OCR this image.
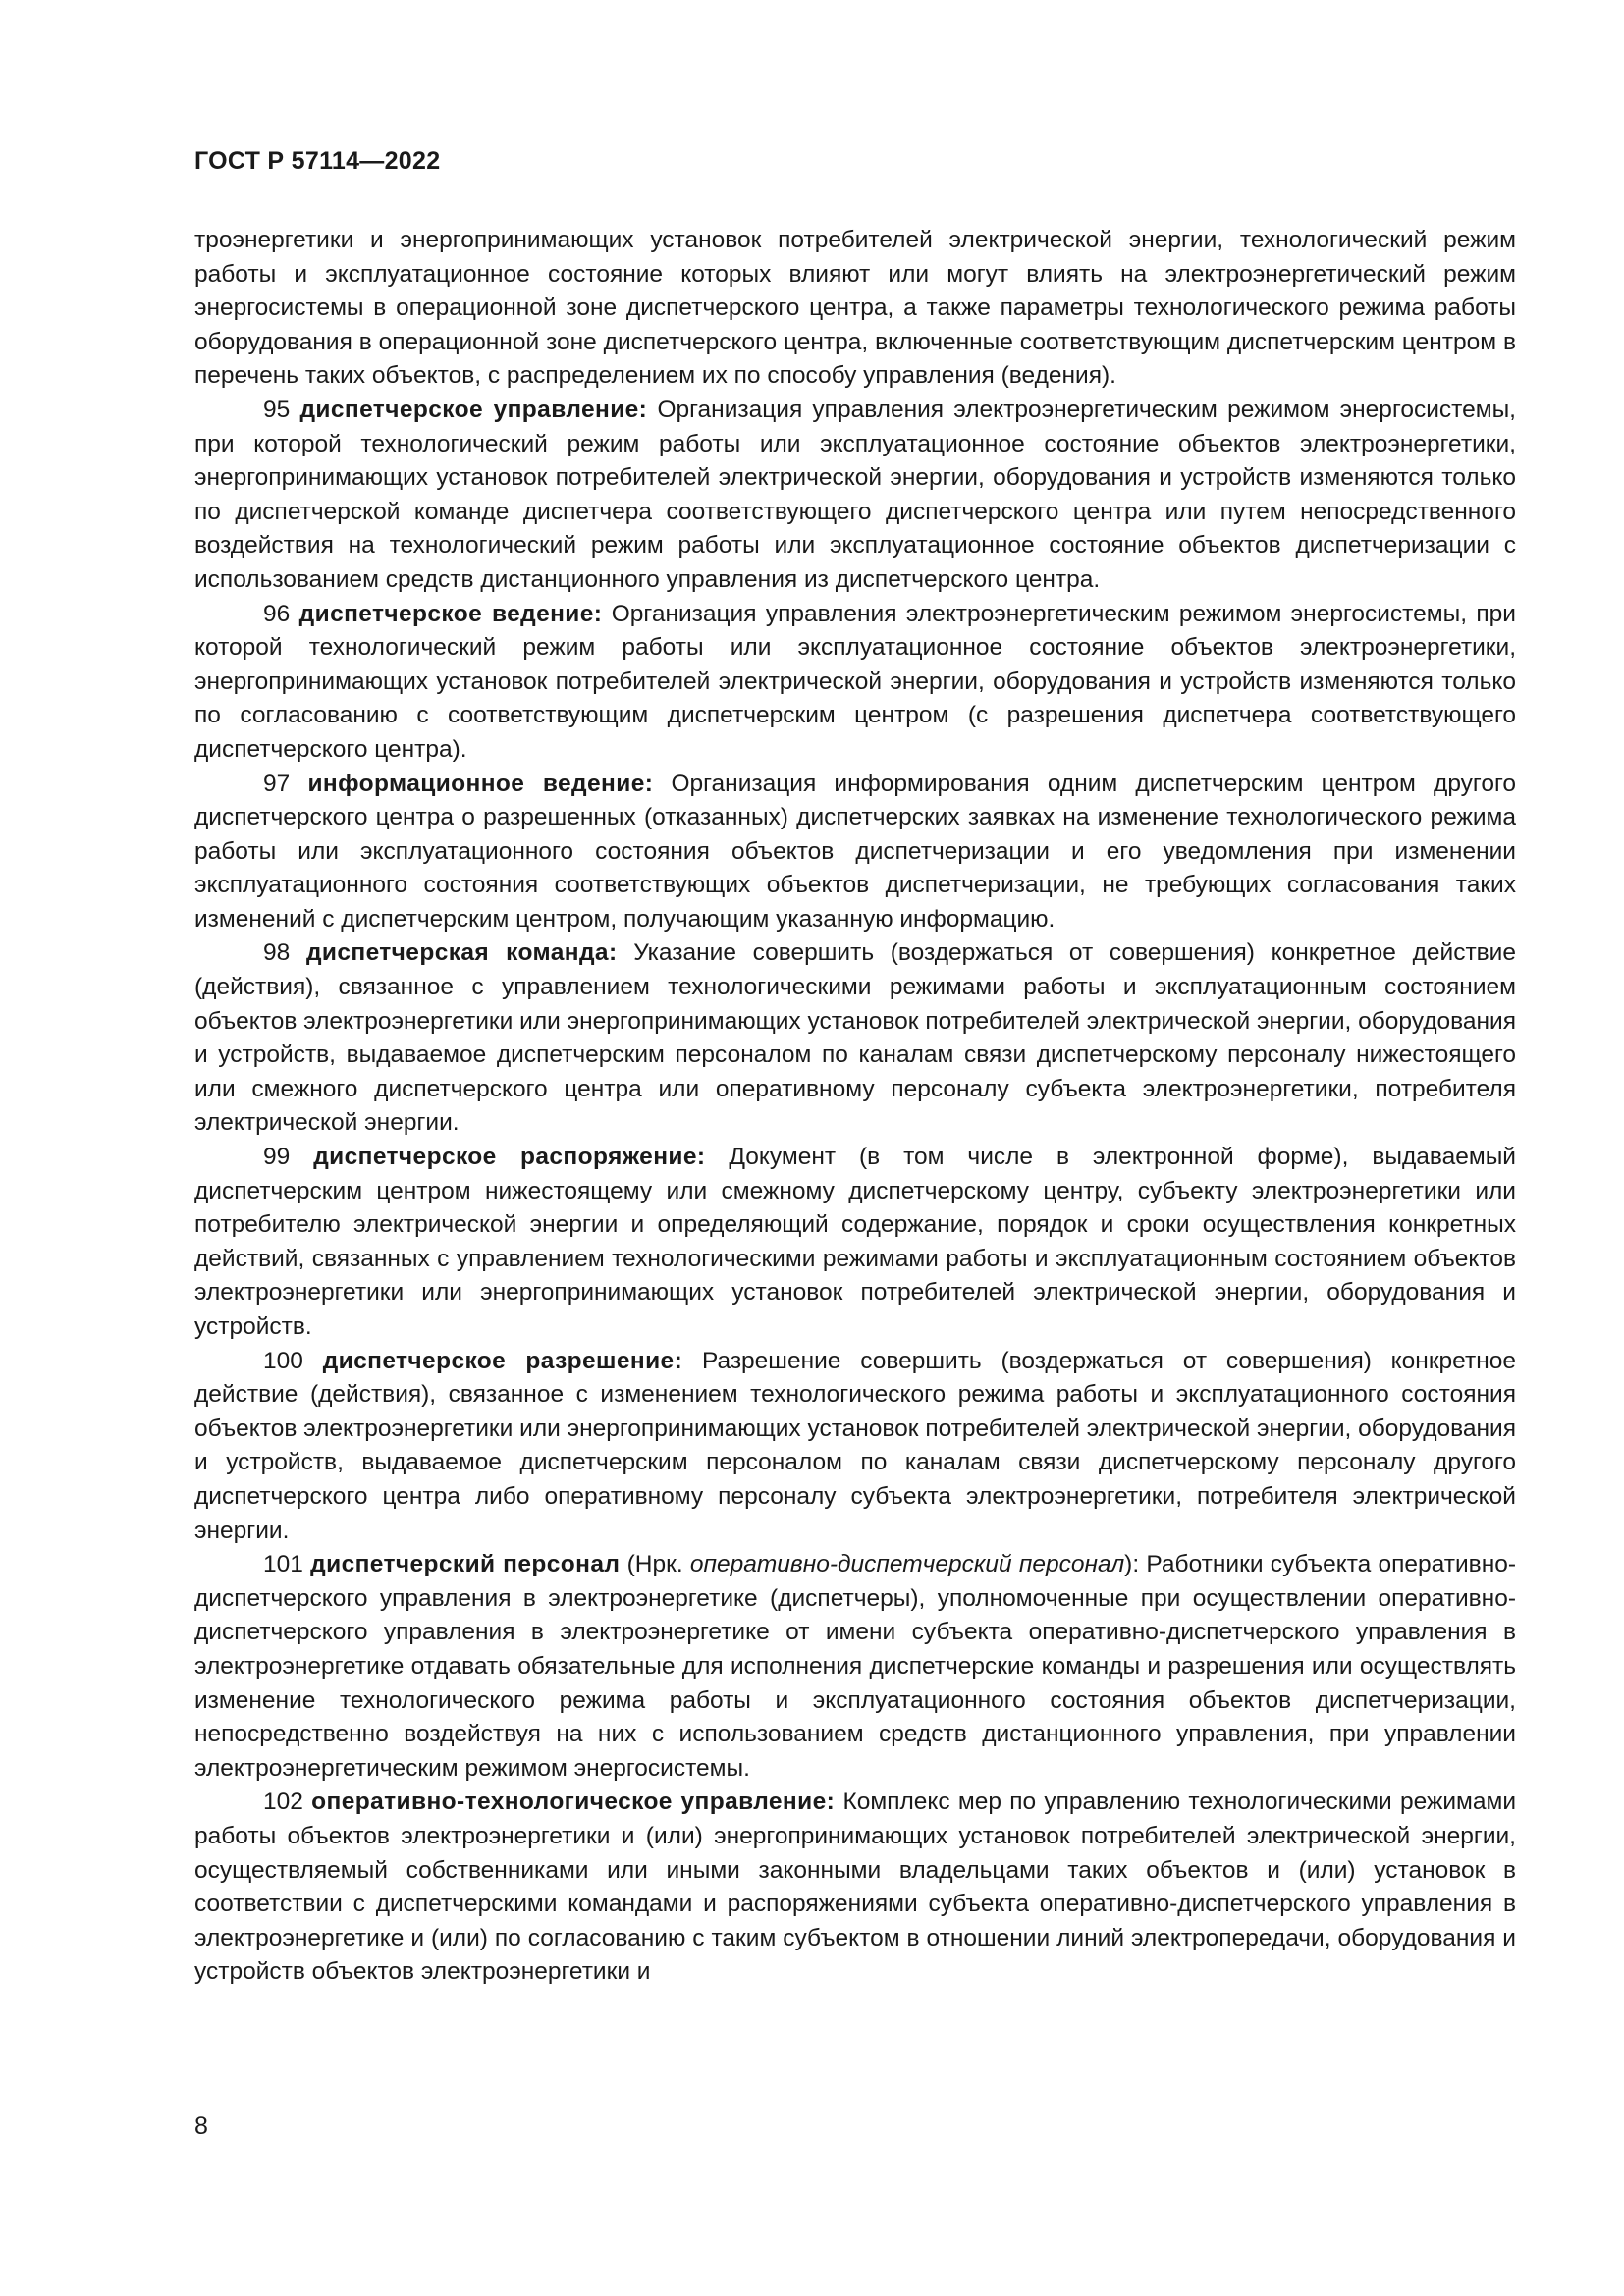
ГОСТ Р 57114—2022

троэнергетики и энергопринимающих установок потребителей электрической энергии, технологический режим работы и эксплуатационное состояние которых влияют или могут влиять на электроэнергетический режим энергосистемы в операционной зоне диспетчерского центра, а также параметры технологического режима работы оборудования в операционной зоне диспетчерского центра, включенные соответствующим диспетчерским центром в перечень таких объектов, с распределением их по способу управления (ведения).

95 диспетчерское управление: Организация управления электроэнергетическим режимом энергосистемы, при которой технологический режим работы или эксплуатационное состояние объектов электроэнергетики, энергопринимающих установок потребителей электрической энергии, оборудования и устройств изменяются только по диспетчерской команде диспетчера соответствующего диспетчерского центра или путем непосредственного воздействия на технологический режим работы или эксплуатационное состояние объектов диспетчеризации с использованием средств дистанционного управления из диспетчерского центра.

96 диспетчерское ведение: Организация управления электроэнергетическим режимом энергосистемы, при которой технологический режим работы или эксплуатационное состояние объектов электроэнергетики, энергопринимающих установок потребителей электрической энергии, оборудования и устройств изменяются только по согласованию с соответствующим диспетчерским центром (с разрешения диспетчера соответствующего диспетчерского центра).

97 информационное ведение: Организация информирования одним диспетчерским центром другого диспетчерского центра о разрешенных (отказанных) диспетчерских заявках на изменение технологического режима работы или эксплуатационного состояния объектов диспетчеризации и его уведомления при изменении эксплуатационного состояния соответствующих объектов диспетчеризации, не требующих согласования таких изменений с диспетчерским центром, получающим указанную информацию.

98 диспетчерская команда: Указание совершить (воздержаться от совершения) конкретное действие (действия), связанное с управлением технологическими режимами работы и эксплуатационным состоянием объектов электроэнергетики или энергопринимающих установок потребителей электрической энергии, оборудования и устройств, выдаваемое диспетчерским персоналом по каналам связи диспетчерскому персоналу нижестоящего или смежного диспетчерского центра или оперативному персоналу субъекта электроэнергетики, потребителя электрической энергии.

99 диспетчерское распоряжение: Документ (в том числе в электронной форме), выдаваемый диспетчерским центром нижестоящему или смежному диспетчерскому центру, субъекту электроэнергетики или потребителю электрической энергии и определяющий содержание, порядок и сроки осуществления конкретных действий, связанных с управлением технологическими режимами работы и эксплуатационным состоянием объектов электроэнергетики или энергопринимающих установок потребителей электрической энергии, оборудования и устройств.

100 диспетчерское разрешение: Разрешение совершить (воздержаться от совершения) конкретное действие (действия), связанное с изменением технологического режима работы и эксплуатационного состояния объектов электроэнергетики или энергопринимающих установок потребителей электрической энергии, оборудования и устройств, выдаваемое диспетчерским персоналом по каналам связи диспетчерскому персоналу другого диспетчерского центра либо оперативному персоналу субъекта электроэнергетики, потребителя электрической энергии.

101 диспетчерский персонал (Нрк. оперативно-диспетчерский персонал): Работники субъекта оперативно-диспетчерского управления в электроэнергетике (диспетчеры), уполномоченные при осуществлении оперативно-диспетчерского управления в электроэнергетике от имени субъекта оперативно-диспетчерского управления в электроэнергетике отдавать обязательные для исполнения диспетчерские команды и разрешения или осуществлять изменение технологического режима работы и эксплуатационного состояния объектов диспетчеризации, непосредственно воздействуя на них с использованием средств дистанционного управления, при управлении электроэнергетическим режимом энергосистемы.

102 оперативно-технологическое управление: Комплекс мер по управлению технологическими режимами работы объектов электроэнергетики и (или) энергопринимающих установок потребителей электрической энергии, осуществляемый собственниками или иными законными владельцами таких объектов и (или) установок в соответствии с диспетчерскими командами и распоряжениями субъекта оперативно-диспетчерского управления в электроэнергетике и (или) по согласованию с таким субъектом в отношении линий электропередачи, оборудования и устройств объектов электроэнергетики и

8
